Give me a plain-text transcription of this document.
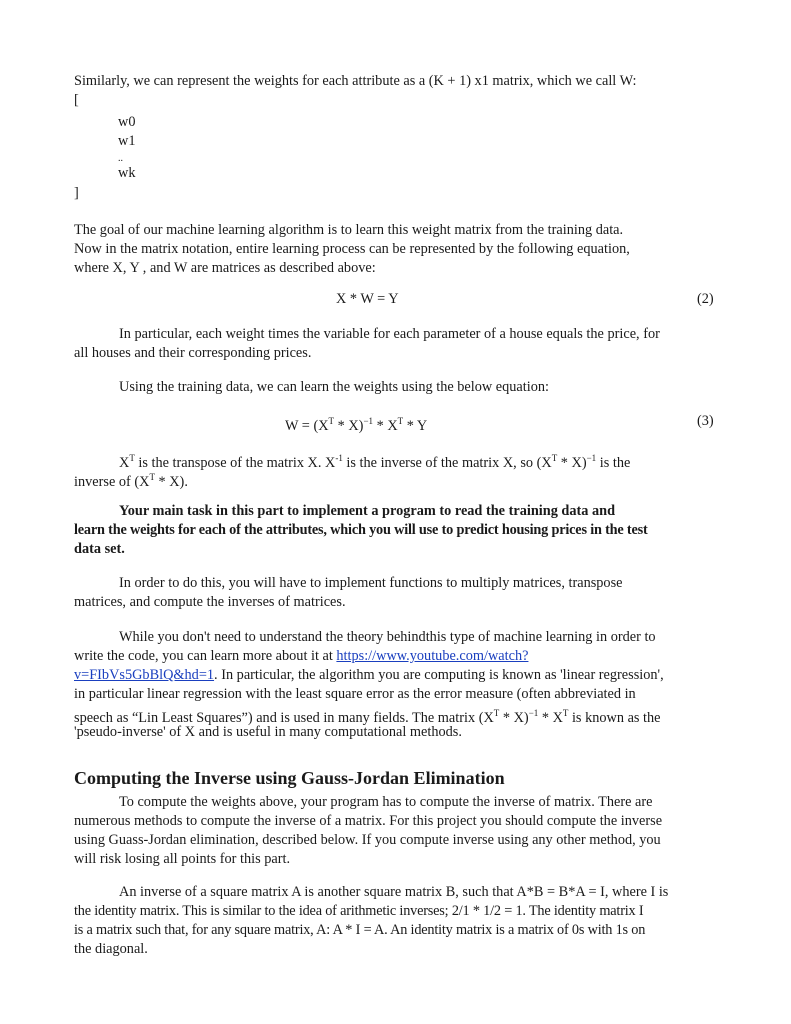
Similarly, we can represent the weights for each attribute as a (K + 1) x1 matrix, which we call W:
[
w0
w1
..
wk
]
The goal of our machine learning algorithm is to learn this weight matrix from the training data.
Now in the matrix notation, entire learning process can be represented by the following equation,
where X, Y , and W are matrices as described above:
X * W = Y	(2)
In particular, each weight times the variable for each parameter of a house equals the price, for
all houses and their corresponding prices.
Using the training data, we can learn the weights using the below equation:
$W = (X^T * X)^{-1} * X^T * Y$	(3)
$X^T$ is the transpose of the matrix X. $X^{-1}$ is the inverse of the matrix X, so $(X^T * X)^{-1}$ is the
inverse of $(X^T * X)$.
Your main task in this part to implement a program to read the training data and
learn the weights for each of the attributes, which you will use to predict housing prices in the test
data set.
In order to do this, you will have to implement functions to multiply matrices, transpose
matrices, and compute the inverses of matrices.
While you don't need to understand the theory behindthis type of machine learning in order to
write the code, you can learn more about it at https://www.youtube.com/watch?
v=FIbVs5GbBlQ&hd=1. In particular, the algorithm you are computing is known as 'linear regression',
in particular linear regression with the least square error as the error measure (often abbreviated in
speech as “Lin Least Squares”) and is used in many fields. The matrix $(X^T * X)^{-1} * X^T$ is known as the
'pseudo-inverse' of X and is useful in many computational methods.
Computing the Inverse using Gauss-Jordan Elimination
To compute the weights above, your program has to compute the inverse of matrix. There are
numerous methods to compute the inverse of a matrix. For this project you should compute the inverse
using Guass-Jordan elimination, described below. If you compute inverse using any other method, you
will risk losing all points for this part.
An inverse of a square matrix A is another square matrix B, such that A*B = B*A = I, where I is
the identity matrix. This is similar to the idea of arithmetic inverses; 2/1 * 1/2 = 1. The identity matrix I
is a matrix such that, for any square matrix, A: A * I = A. An identity matrix is a matrix of 0s with 1s on
the diagonal.
